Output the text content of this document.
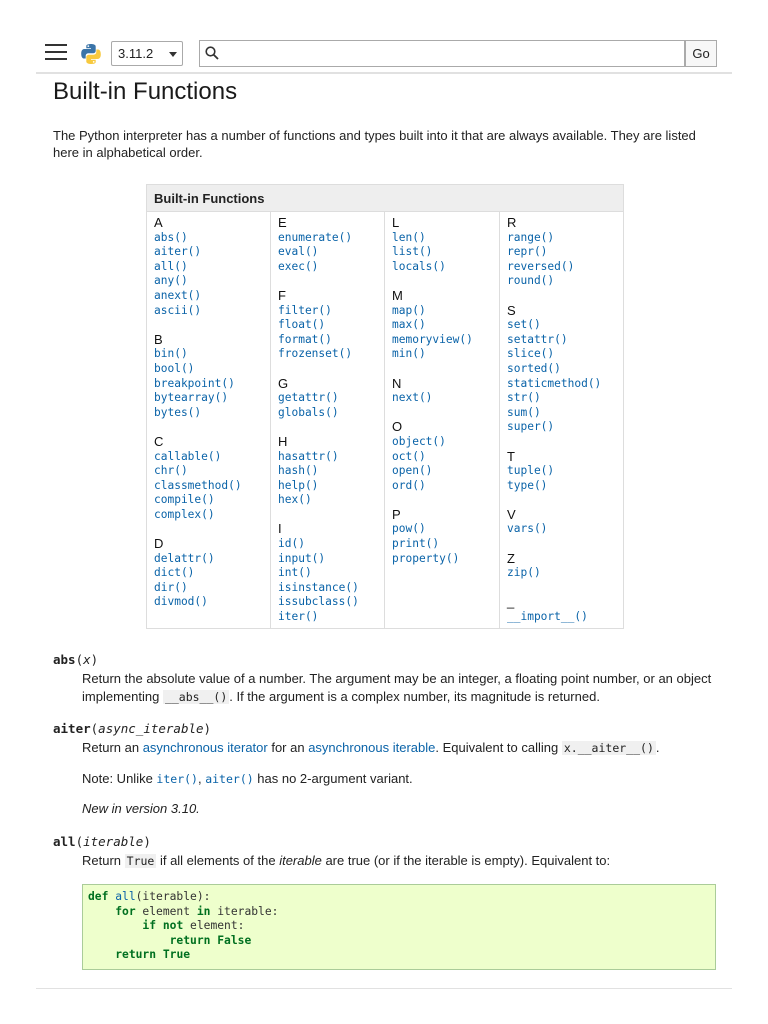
3.11.2	Go
Built-in Functions

The Python interpreter has a number of functions and types built into it that are always available. They are listed here in alphabetical order.

Built-in Functions
A
abs()
aiter()
all()
any()
anext()
ascii()
B
bin()
bool()
breakpoint()
bytearray()
bytes()
C
callable()
chr()
classmethod()
compile()
complex()
D
delattr()
dict()
dir()
divmod()
E
enumerate()
eval()
exec()
F
filter()
float()
format()
frozenset()
G
getattr()
globals()
H
hasattr()
hash()
help()
hex()
I
id()
input()
int()
isinstance()
issubclass()
iter()
L
len()
list()
locals()
M
map()
max()
memoryview()
min()
N
next()
O
object()
oct()
open()
ord()
P
pow()
print()
property()
R
range()
repr()
reversed()
round()
S
set()
setattr()
slice()
sorted()
staticmethod()
str()
sum()
super()
T
tuple()
type()
V
vars()
Z
zip()
_
__import__()
abs(x)

Return the absolute value of a number. The argument may be an integer, a floating point number, or an object implementing __abs__() . If the argument is a complex number, its magnitude is returned.

aiter(async_iterable)

Return an asynchronous iterator for an asynchronous iterable. Equivalent to calling x.__aiter__() .

Note: Unlike iter(), aiter() has no 2-argument variant.

New in version 3.10.

all(iterable)

Return True if all elements of the iterable are true (or if the iterable is empty). Equivalent to:

def all(iterable):
for element in iterable:
if not element:
return False
return True
